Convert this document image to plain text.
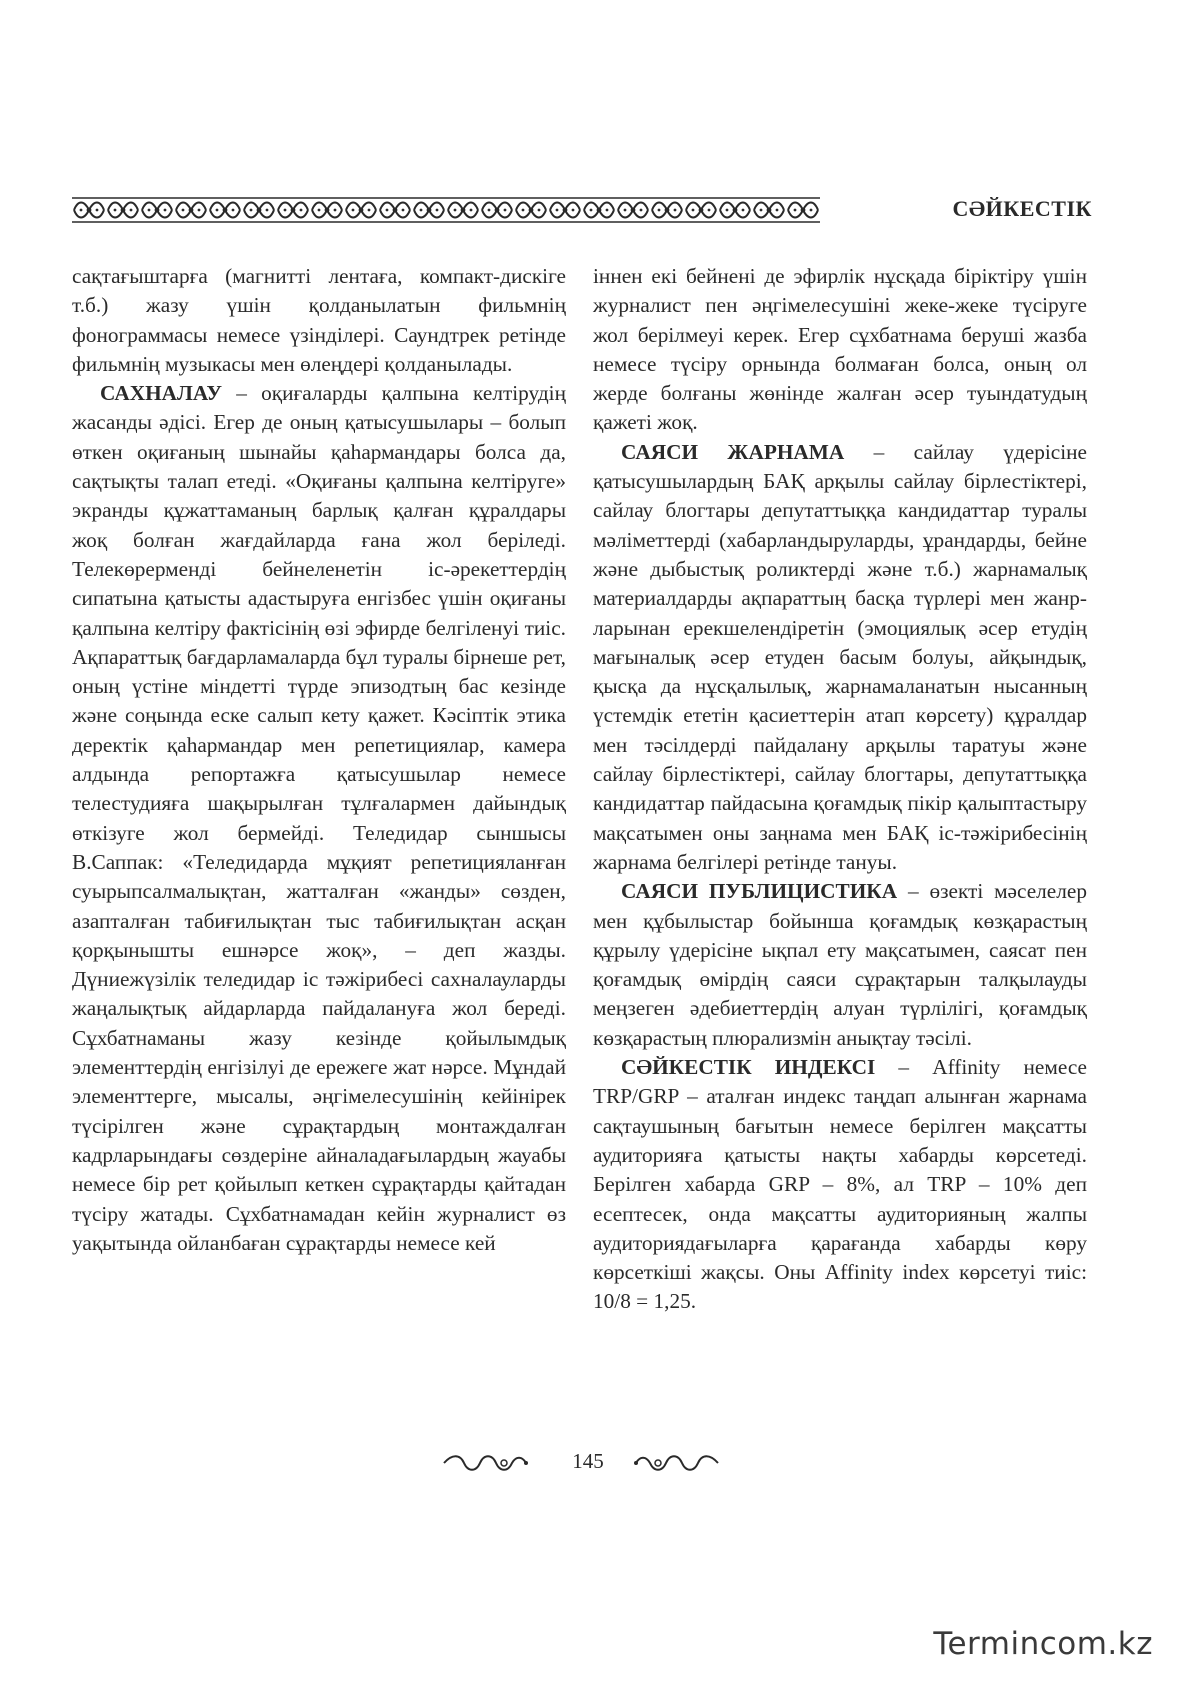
СӘЙКЕСТІК

сақтағыштарға (магнитті лентаға, компакт-дискіге т.б.) жазу үшін қолданылатын фильмнің фонограммасы немесе үзінділері. Саундтрек ретінде фильмнің музыкасы мен өлеңдері қолданылады.

САХНАЛАУ – оқиғаларды қалпына келтірудің жасанды әдісі. Егер де оның қатысушылары – болып өткен оқиғаның шынайы қаһармандары болса да, сақтықты талап етеді. «Оқиғаны қалпына келтіруге» экранды құжаттаманың барлық қалған құралдары жоқ болған жағдайларда ғана жол беріледі. Телекөрерменді бейнеленетін іс-әрекеттердің сипатына қатысты адастыруға енгізбес үшін оқиғаны қалпына келтіру фактісінің өзі эфирде белгіленуі тиіс. Ақпараттық бағдарламаларда бұл туралы бірнеше рет, оның үстіне міндетті түрде эпизодтың бас кезінде және соңында еске салып кету қажет. Кәсіптік этика деректік қаһармандар мен репетициялар, камера алдында репортажға қатысушылар немесе телестудияға шақырылған тұлғалармен дайындық өткізуге жол бермейді. Теледидар сыншысы В.Саппак: «Теледидарда мұқият репетицияланған суырыпсалмалықтан, жатталған «жанды» сөзден, азапталған табиғилықтан тыс табиғилықтан асқан қорқынышты ешнәрсе жоқ», – деп жазды. Дүниежүзілік теледидар іс тәжірибесі сахналауларды жаңалықтық айдарларда пайдалануға жол береді. Сұхбатнаманы жазу кезінде қойылымдық элементтердің енгізілуі де ережеге жат нәрсе. Мұндай элементтерге, мысалы, әңгімелесушінің кейінірек түсірілген және сұрақтардың монтаждалған кадрларындағы сөздеріне айналадағылардың жауабы немесе бір рет қойылып кеткен сұрақтарды қайтадан түсіру жатады. Сұхбатнамадан кейін журналист өз уақытында ойланбаған сұрақтарды немесе кей

іннен екі бейнені де эфирлік нұсқада біріктіру үшін журналист пен әңгімелесушіні жеке-жеке түсіруге жол берілмеуі керек. Егер сұхбатнама беруші жазба немесе түсіру орнында болмаған болса, оның ол жерде болғаны жөнінде жалған әсер туындатудың қажеті жоқ.

САЯСИ ЖАРНАМА – сайлау үдерісіне қатысушылардың БАҚ арқылы сайлау бірлестіктері, сайлау блогтары депутаттыққа кандидаттар туралы мәліметтерді (хабарландыруларды, ұрандарды, бейне және дыбыстық роликтерді және т.б.) жарнамалық материалдарды ақпараттың басқа түрлері мен жанрларынан ерекшелендіретін (эмоциялық әсер етудің мағыналық әсер етуден басым болуы, айқындық, қысқа да нұсқалылық, жарнамаланатын нысанның үстемдік ететін қасиеттерін атап көрсету) құралдар мен тәсілдерді пайдалану арқылы таратуы және сайлау бірлестіктері, сайлау блогтары, депутаттыққа кандидаттар пайдасына қоғамдық пікір қалыптастыру мақсатымен оны заңнама мен БАҚ іс-тәжірибесінің жарнама белгілері ретінде тануы.

САЯСИ ПУБЛИЦИСТИКА – өзекті мәселелер мен құбылыстар бойынша қоғамдық көзқарастың құрылу үдерісіне ықпал ету мақсатымен, саясат пен қоғамдық өмірдің саяси сұрақтарын талқылауды меңзеген әдебиеттердің алуан түрлілігі, қоғамдық көзқарастың плюрализмін анықтау тәсілі.

СӘЙКЕСТІК ИНДЕКСІ – Affinity немесе TRP/GRP – аталған индекс таңдап алынған жарнама сақтаушының бағытын немесе берілген мақсатты аудиторияға қатысты нақты хабарды көрсетеді. Берілген хабарда GRP – 8%, ал TRP – 10% деп есептесек, онда мақсатты аудиторияның жалпы аудиториядағыларға қарағанда хабарды көру көрсеткіші жақсы. Оны Affinity index көрсетуі тиіс: 10/8 = 1,25.

145
Termincom.kz
